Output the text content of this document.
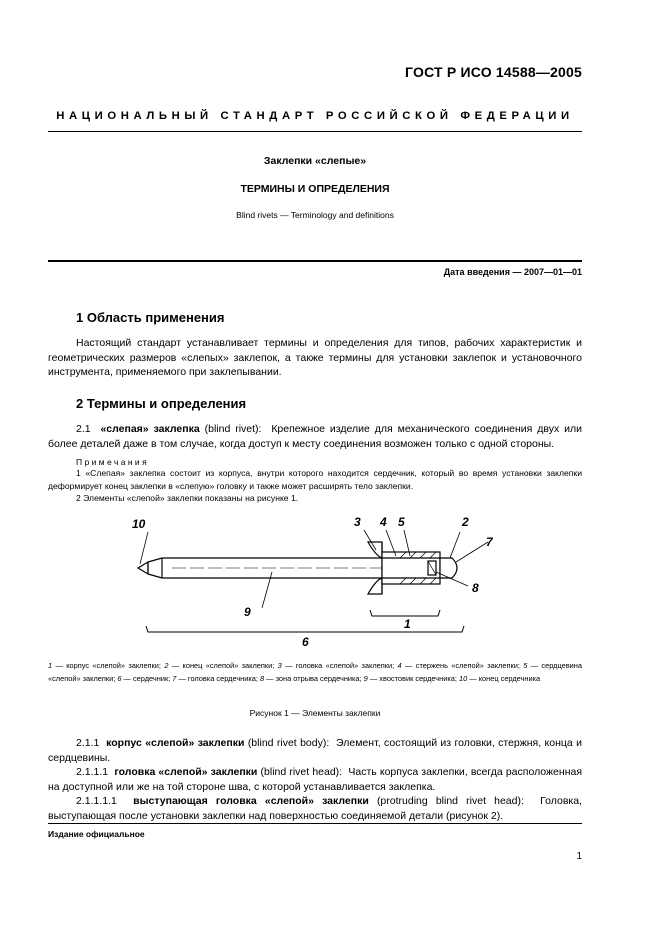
ГОСТ Р ИСО 14588—2005
НАЦИОНАЛЬНЫЙ СТАНДАРТ РОССИЙСКОЙ ФЕДЕРАЦИИ
Заклепки «слепые»
ТЕРМИНЫ И ОПРЕДЕЛЕНИЯ
Blind rivets — Terminology and definitions
Дата введения — 2007—01—01
1 Область применения
Настоящий стандарт устанавливает термины и определения для типов, рабочих характеристик и геометрических размеров «слепых» заклепок, а также термины для установки заклепок и установочного инструмента, применяемого при заклепывании.
2 Термины и определения
2.1 «слепая» заклепка (blind rivet): Крепежное изделие для механического соединения двух или более деталей даже в том случае, когда доступ к месту соединения возможен только с одной стороны.
Примечания
1 «Слепая» заклепка состоит из корпуса, внутри которого находится сердечник, который во время установки заклепки деформирует конец заклепки в «слепую» головку и также может расширять тело заклепки.
2 Элементы «слепой» заклепки показаны на рисунке 1.
10	3 4 5	2
7
8
9
1
6
1 — корпус «слепой» заклепки; 2 — конец «слепой» заклепки; 3 — головка «слепой» заклепки; 4 — стержень «слепой» заклепки; 5 — сердцевина «слепой» заклепки; 6 — сердечник; 7 — головка сердечника; 8 — зона отрыва сердечника; 9 — хвостовик сердечника; 10 — конец сердечника
Рисунок 1 — Элементы заклепки
2.1.1 корпус «слепой» заклепки (blind rivet body): Элемент, состоящий из головки, стержня, конца и сердцевины.
2.1.1.1 головка «слепой» заклепки (blind rivet head): Часть корпуса заклепки, всегда расположенная на доступной или же на той стороне шва, с которой устанавливается заклепка.
2.1.1.1.1 выступающая головка «слепой» заклепки (protruding blind rivet head): Головка, выступающая после установки заклепки над поверхностью соединяемой детали (рисунок 2).
Издание официальное
1
